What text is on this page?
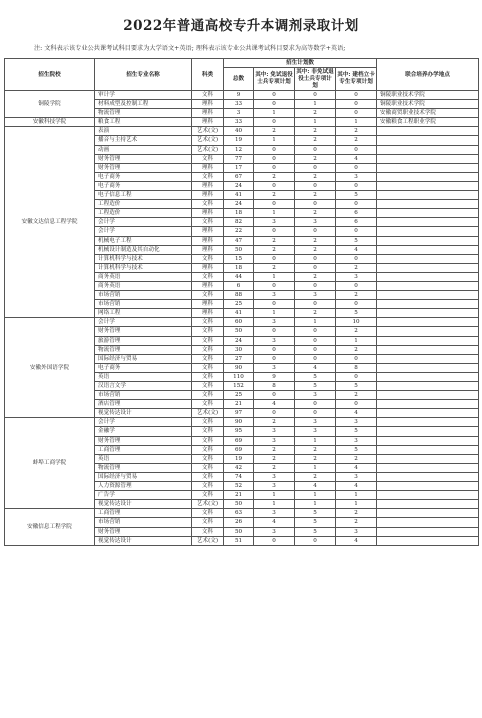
2022年普通高校专升本调剂录取计划
注: 文科表示该专业公共课考试科目要求为大学语文+英语; 理科表示该专业公共课考试科目要求为高等数学+英语;
招生院校	招生专业名称	科类	招生计划数				联合培养办学地点
			总数	其中: 免试退役士兵专项计划	其中: 非免试退役士兵专项计划	其中: 建档立卡专生专项计划	
铜陵学院	审计学	文科	9	0	0	0	铜陵职业技术学院
	材料成型及控制工程	理科	33	0	1	0	铜陵职业技术学院
	物流管理	理科	3	1	2	0	安徽商贸职业技术学院
安徽科技学院	粮食工程	理科	33	0	1	1	安徽粮食工程职业学院
安徽文达信息工程学院	表演	艺术(文)	40	2	2	2	
	播音与主持艺术	艺术(文)	19	1	2	2	
	动画	艺术(文)	12	0	0	0	
	财务管理	文科	77	0	2	4	
	财务管理	理科	17	0	0	0	
	电子商务	文科	67	2	2	3	
	电子商务	理科	24	0	0	0	
	电子信息工程	理科	41	2	2	5	
	工程造价	文科	24	0	0	0	
	工程造价	理科	18	1	2	6	
	会计学	文科	82	3	3	6	
	会计学	理科	22	0	0	0	
	机械电子工程	理科	47	2	2	5	
	机械设计制造及其自动化	理科	50	2	2	4	
	计算机科学与技术	文科	15	0	0	0	
	计算机科学与技术	理科	18	2	0	2	
	商务英语	文科	44	1	2	3	
	商务英语	理科	6	0	0	0	
	市场营销	文科	88	3	3	2	
	市场营销	理科	25	0	0	0	
	网络工程	理科	41	1	2	5	
安徽外国语学院	会计学	文科	60	3	1	10	
	财务管理	文科	50	0	0	2	
	旅游管理	文科	24	3	0	1	
	物流管理	文科	30	0	0	2	
	国际经济与贸易	文科	27	0	0	0	
	电子商务	文科	90	3	4	8	
	英语	文科	110	9	5	0	
	汉语言文学	文科	152	8	5	5	
	市场营销	文科	25	0	3	2	
	酒店管理	文科	21	4	0	0	
	视觉传达设计	艺术(文)	97	0	0	4	
蚌埠工商学院	会计学	文科	90	2	3	3	
	金融学	文科	95	3	3	5	
	财务管理	文科	69	3	1	3	
	工商管理	文科	69	2	2	5	
	英语	文科	19	2	2	2	
	物流管理	文科	42	2	1	4	
	国际经济与贸易	文科	74	3	2	3	
	人力资源管理	文科	52	3	4	4	
	广告学	文科	21	1	1	1	
	视觉传达设计	艺术(文)	50	1	1	1	
安徽信息工程学院	工商管理	文科	63	3	5	2	
	市场营销	文科	26	4	5	2	
	财务管理	文科	50	3	5	3	
	视觉传达设计	艺术(文)	51	0	0	4	
